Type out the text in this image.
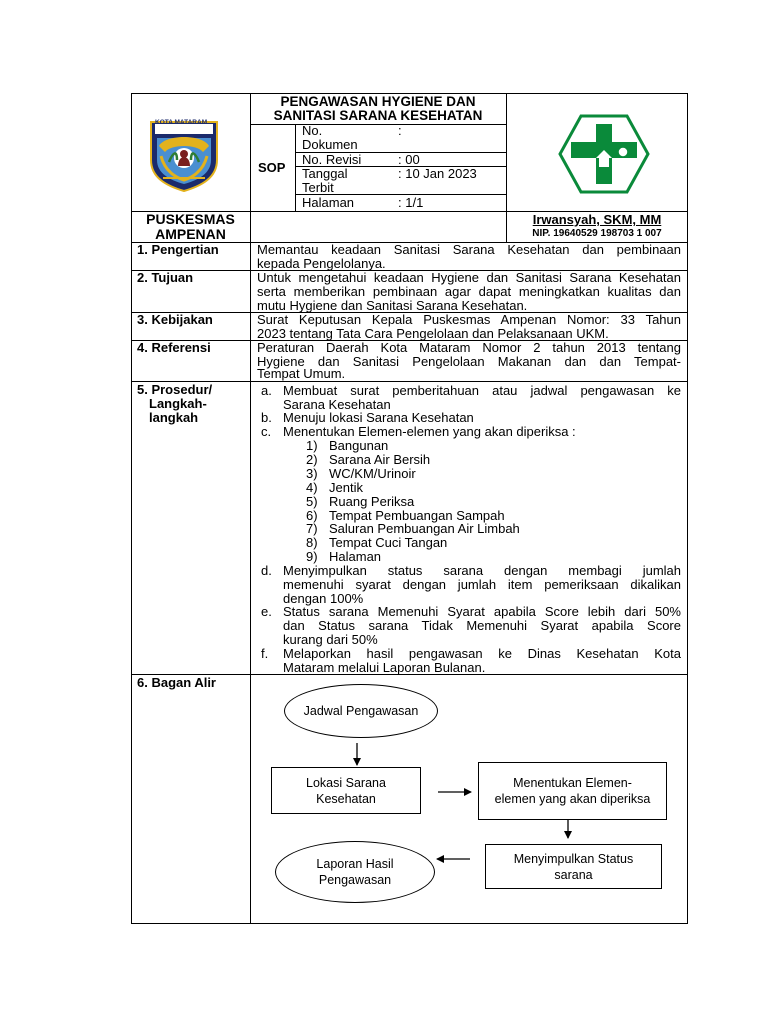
KOTA MATARAM
PENGAWASAN HYGIENE DAN
SANITASI SARANA KESEHATAN
SOP
No.
Dokumen
:
No. Revisi	: 00
Tanggal
Terbit
: 10 Jan 2023
Halaman	: 1/1
PUSKESMAS
AMPENAN
Irwansyah, SKM, MM
NIP. 19640529 198703 1 007
1. Pengertian
2. Tujuan
3. Kebijakan
4. Referensi
5. Prosedur/
Langkah-
langkah
6. Bagan Alir
Memantau keadaan Sanitasi Sarana Kesehatan dan pembinaan
kepada Pengelolanya.
Untuk mengetahui keadaan Hygiene dan Sanitasi Sarana Kesehatan
serta memberikan pembinaan agar dapat meningkatkan kualitas dan
mutu Hygiene dan Sanitasi Sarana Kesehatan.
Surat Keputusan Kepala Puskesmas Ampenan Nomor: 33 Tahun
2023 tentang Tata Cara Pengelolaan dan Pelaksanaan UKM.
Peraturan Daerah Kota Mataram Nomor 2 tahun 2013 tentang
Hygiene dan Sanitasi Pengelolaan Makanan dan dan Tempat-
Tempat Umum.
a. Membuat surat pemberitahuan atau jadwal pengawasan ke
Sarana Kesehatan
b. Menuju lokasi Sarana Kesehatan
c. Menentukan Elemen-elemen yang akan diperiksa :
1) Bangunan
2) Sarana Air Bersih
3) WC/KM/Urinoir
4) Jentik
5) Ruang Periksa
6) Tempat Pembuangan Sampah
7) Saluran Pembuangan Air Limbah
8) Tempat Cuci Tangan
9) Halaman
d. Menyimpulkan status sarana dengan membagi jumlah
memenuhi syarat dengan jumlah item pemeriksaan dikalikan
dengan 100%
e. Status sarana Memenuhi Syarat apabila Score lebih dari 50%
dan Status sarana Tidak Memenuhi Syarat apabila Score
kurang dari 50%
f. Melaporkan hasil pengawasan ke Dinas Kesehatan Kota
Mataram melalui Laporan Bulanan.
Jadwal Pengawasan
Lokasi Sarana Kesehatan
Menentukan Elemen-elemen yang akan diperiksa
Menyimpulkan Status sarana
Laporan Hasil Pengawasan
